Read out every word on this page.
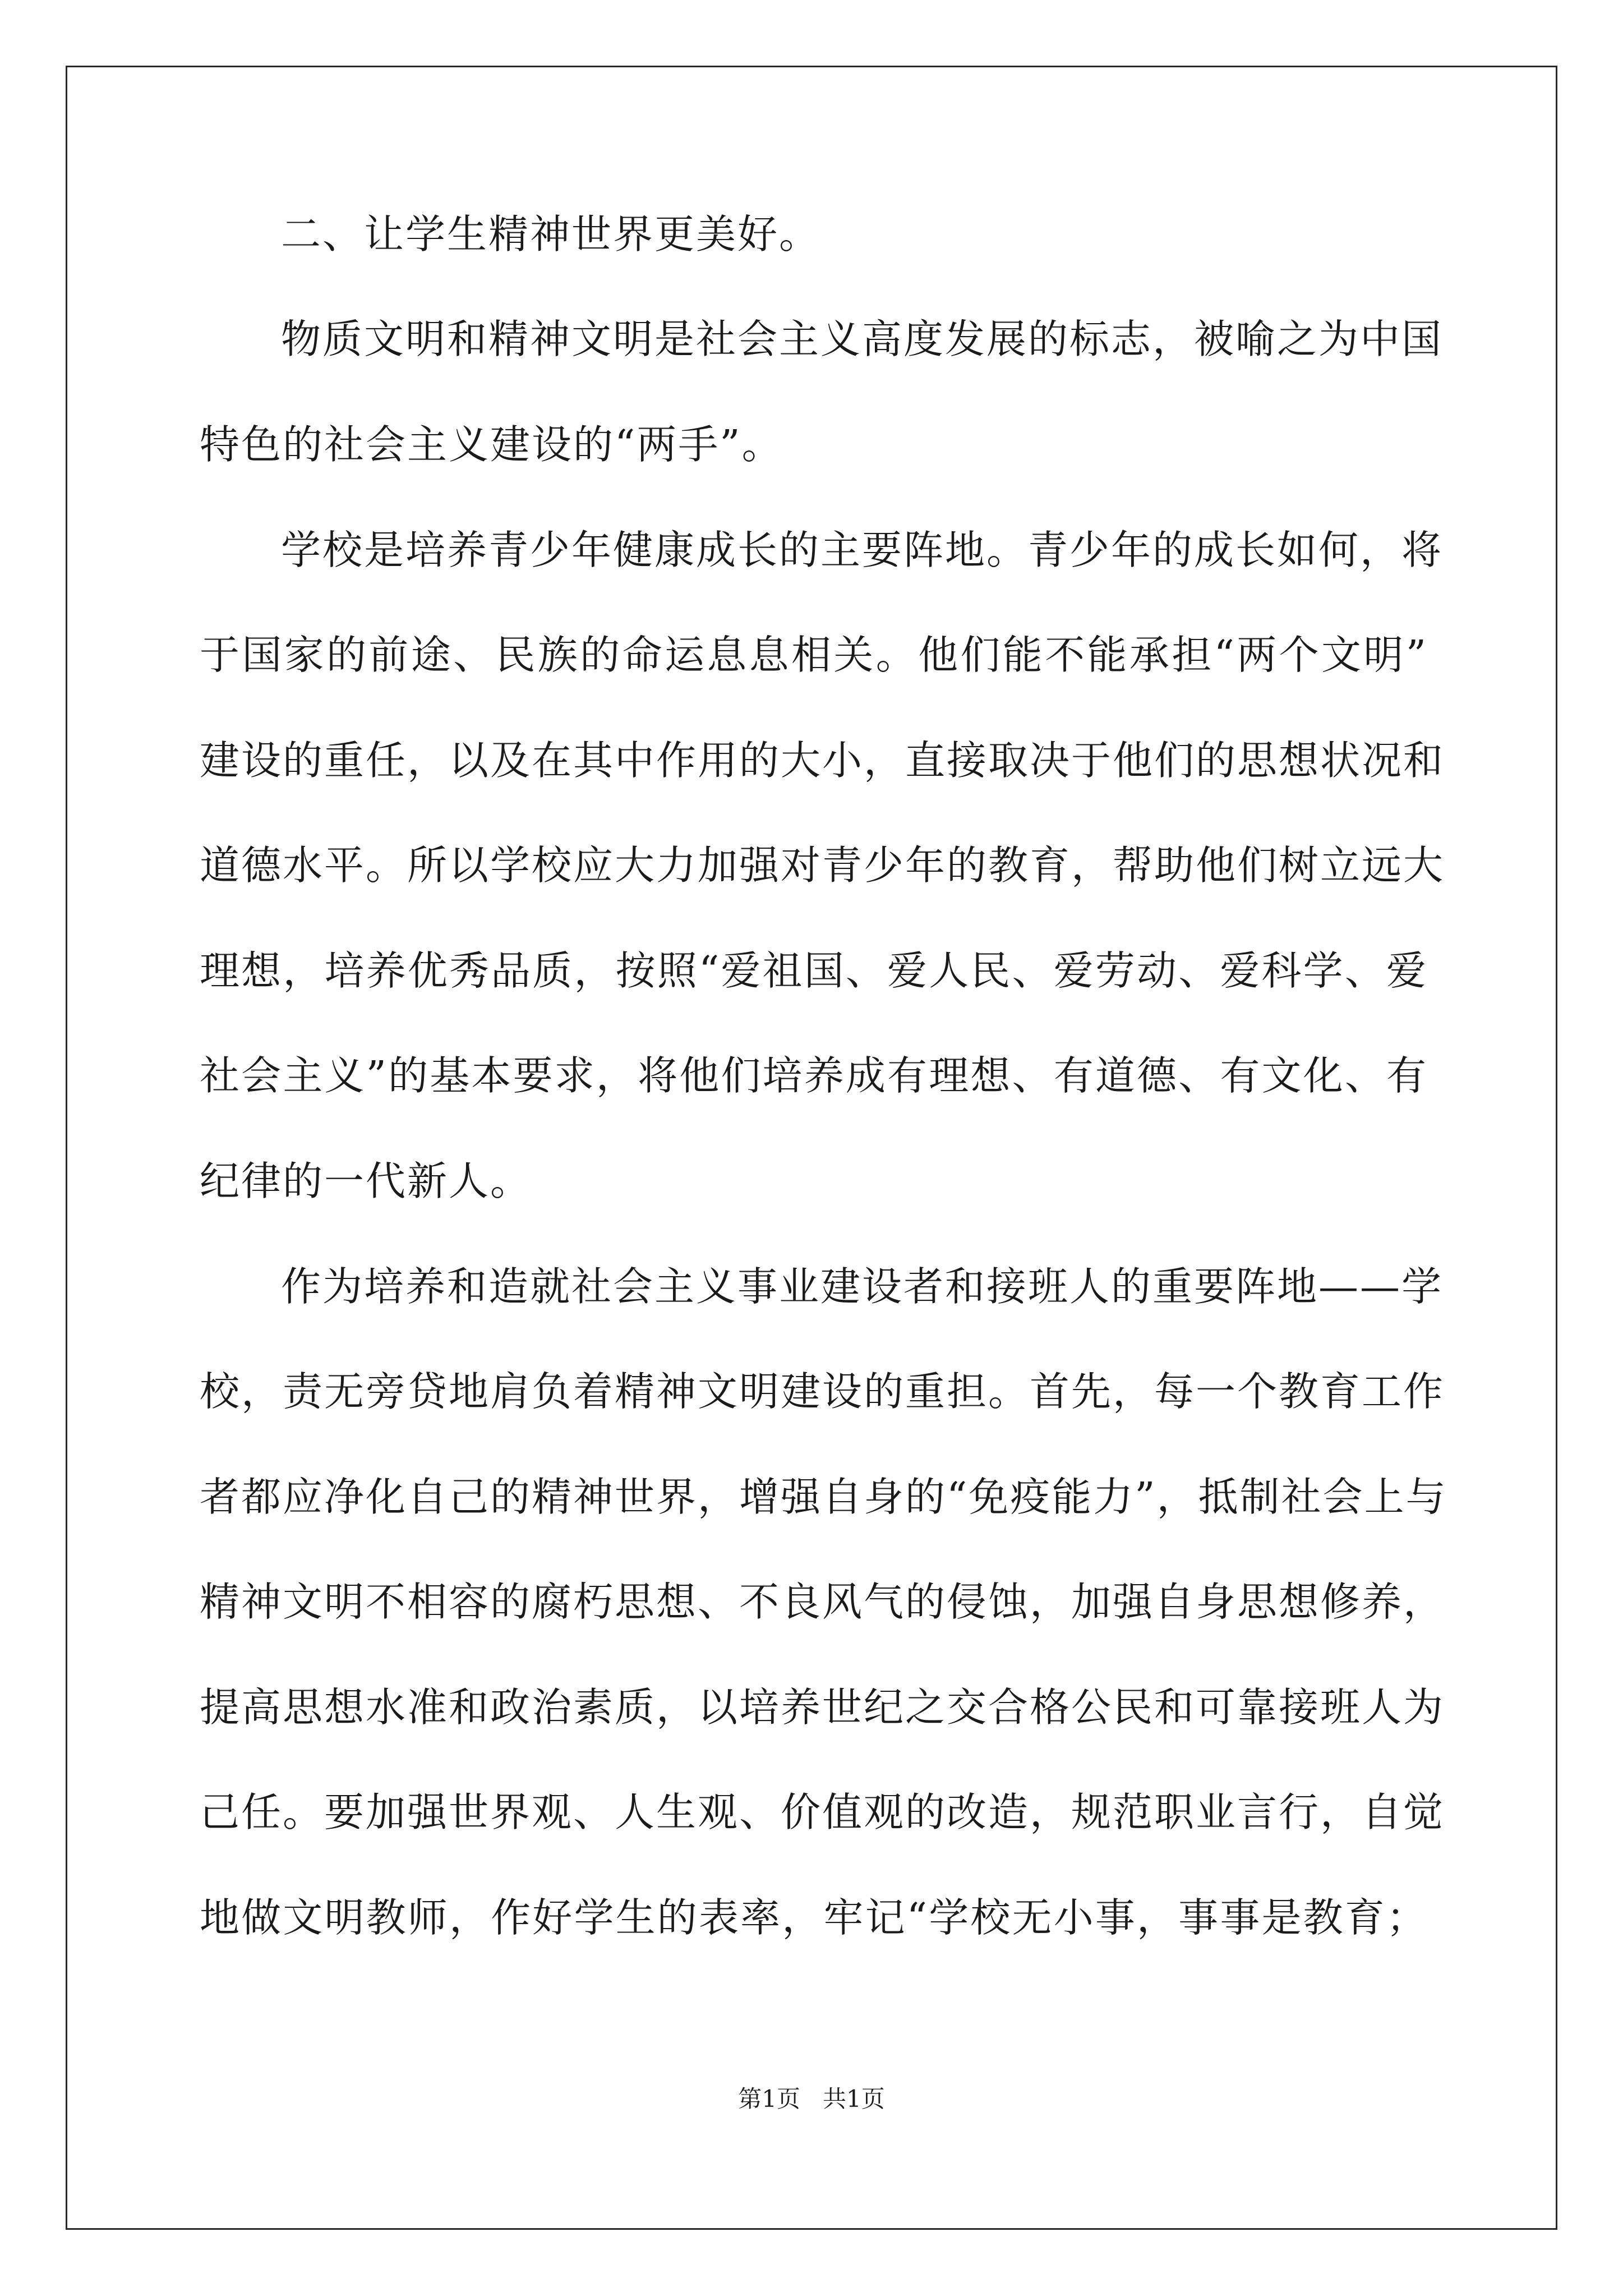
二、让学生精神世界更美好。
物质文明和精神文明是社会主义高度发展的标志，被喻之为中国
特色的社会主义建设的“两手”。
学校是培养青少年健康成长的主要阵地。青少年的成长如何，将
于国家的前途、民族的命运息息相关。他们能不能承担“两个文明”
建设的重任，以及在其中作用的大小，直接取决于他们的思想状况和
道德水平。所以学校应大力加强对青少年的教育，帮助他们树立远大
理想，培养优秀品质，按照“爱祖国、爱人民、爱劳动、爱科学、爱
社会主义”的基本要求，将他们培养成有理想、有道德、有文化、有
纪律的一代新人。
作为培养和造就社会主义事业建设者和接班人的重要阵地——学
校，责无旁贷地肩负着精神文明建设的重担。首先，每一个教育工作
者都应净化自己的精神世界，增强自身的“免疫能力”，抵制社会上与
精神文明不相容的腐朽思想、不良风气的侵蚀，加强自身思想修养，
提高思想水准和政治素质，以培养世纪之交合格公民和可靠接班人为
己任。要加强世界观、人生观、价值观的改造，规范职业言行，自觉
地做文明教师，作好学生的表率，牢记“学校无小事，事事是教育；
第1页 共1页
